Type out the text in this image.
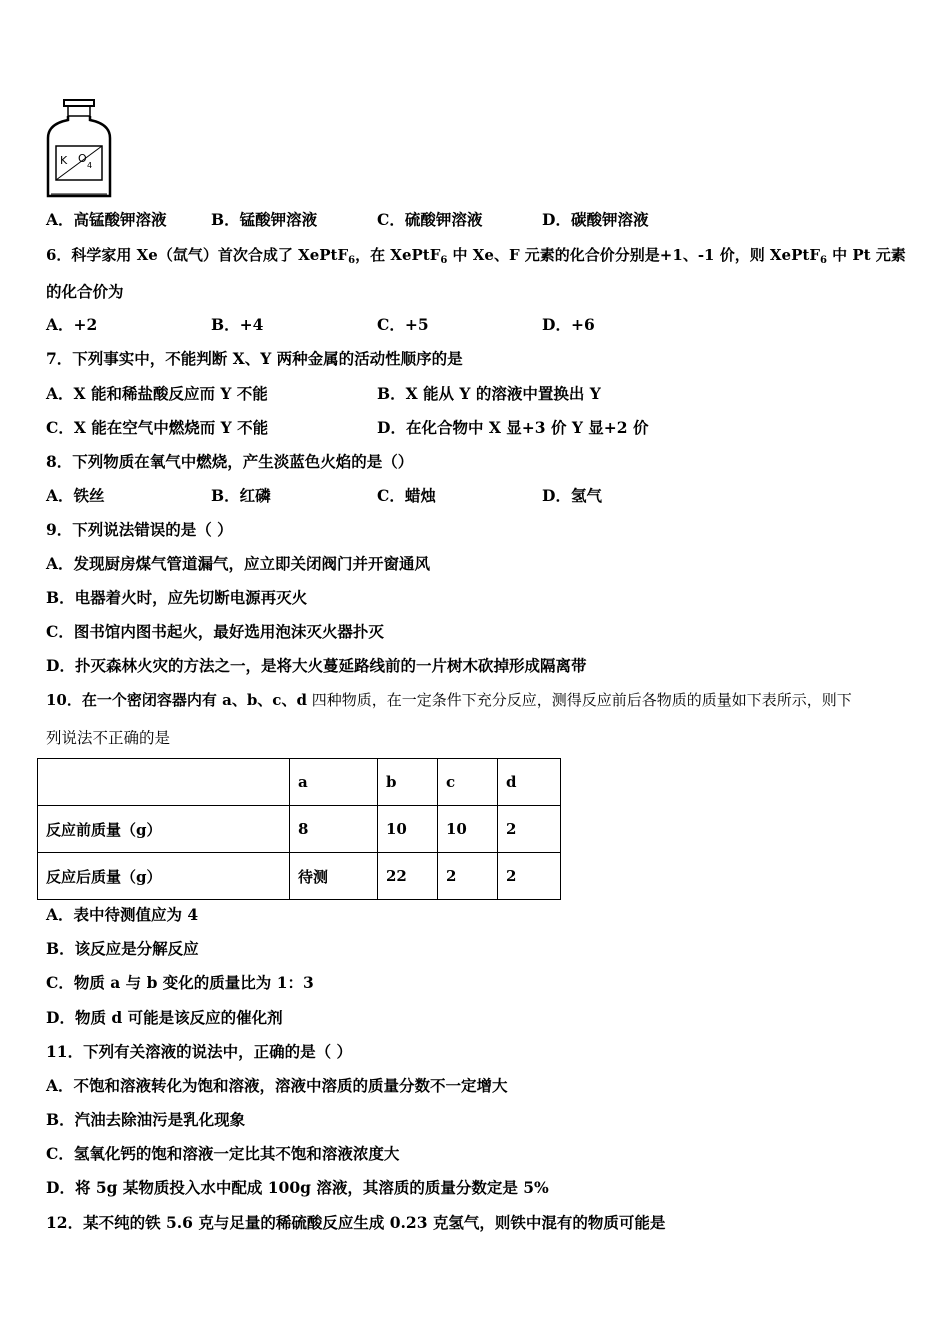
K O
4
A．高锰酸钾溶液	B．锰酸钾溶液	C．硫酸钾溶液	D．碳酸钾溶液
6．科学家用 Xe（氙气）首次合成了 XePtF$_6$，在 XePtF$_6$ 中 Xe、F 元素的化合价分别是+1、-1 价，则 XePtF$_6$ 中 Pt 元素
的化合价为
A．+2	B．+4	C．+5	D．+6
7．下列事实中，不能判断 X、Y 两种金属的活动性顺序的是
A．X 能和稀盐酸反应而 Y 不能	B．X 能从 Y 的溶液中置换出 Y
C．X 能在空气中燃烧而 Y 不能	D．在化合物中 X 显+3 价 Y 显+2 价
8．下列物质在氧气中燃烧，产生淡蓝色火焰的是（）
A．铁丝	B．红磷	C．蜡烛	D．氢气
9．下列说法错误的是（ ）
A．发现厨房煤气管道漏气，应立即关闭阀门并开窗通风
B．电器着火时，应先切断电源再灭火
C．图书馆内图书起火，最好选用泡沫灭火器扑灭
D．扑灭森林火灾的方法之一，是将大火蔓延路线前的一片树木砍掉形成隔离带
10．在一个密闭容器内有 a、b、c、d 四种物质，在一定条件下充分反应，测得反应前后各物质的质量如下表所示，则下
列说法不正确的是
	a	b	c	d
反应前质量（g）	8	10	10	2
反应后质量（g）	待测	22	2	2
A．表中待测值应为 4
B．该反应是分解反应
C．物质 a 与 b 变化的质量比为 1：3
D．物质 d 可能是该反应的催化剂
11．下列有关溶液的说法中，正确的是（ ）
A．不饱和溶液转化为饱和溶液，溶液中溶质的质量分数不一定增大
B．汽油去除油污是乳化现象
C．氢氧化钙的饱和溶液一定比其不饱和溶液浓度大
D．将 5g 某物质投入水中配成 100g 溶液，其溶质的质量分数定是 5%
12．某不纯的铁 5.6 克与足量的稀硫酸反应生成 0.23 克氢气，则铁中混有的物质可能是
